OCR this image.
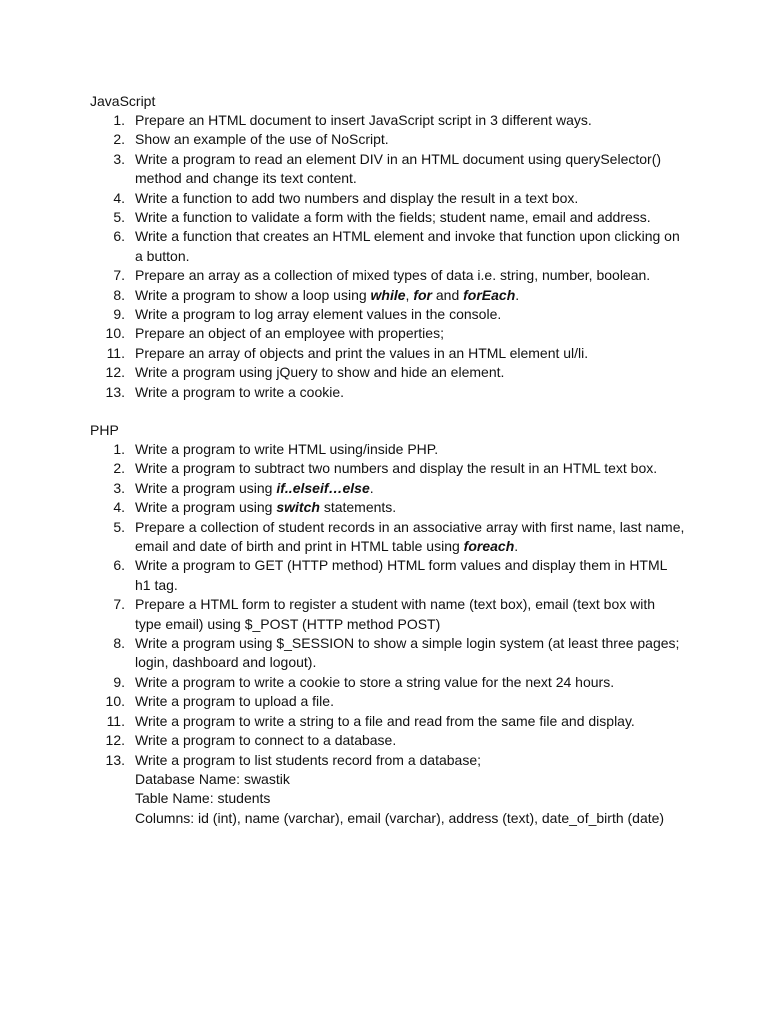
JavaScript
1. Prepare an HTML document to insert JavaScript script in 3 different ways.
2. Show an example of the use of NoScript.
3. Write a program to read an element DIV in an HTML document using querySelector()
method and change its text content.
4. Write a function to add two numbers and display the result in a text box.
5. Write a function to validate a form with the fields; student name, email and address.
6. Write a function that creates an HTML element and invoke that function upon clicking on
a button.
7. Prepare an array as a collection of mixed types of data i.e. string, number, boolean.
8. Write a program to show a loop using while, for and forEach.
9. Write a program to log array element values in the console.
10. Prepare an object of an employee with properties;
11. Prepare an array of objects and print the values in an HTML element ul/li.
12. Write a program using jQuery to show and hide an element.
13. Write a program to write a cookie.
PHP
1. Write a program to write HTML using/inside PHP.
2. Write a program to subtract two numbers and display the result in an HTML text box.
3. Write a program using if..elseif…else.
4. Write a program using switch statements.
5. Prepare a collection of student records in an associative array with first name, last name,
email and date of birth and print in HTML table using foreach.
6. Write a program to GET (HTTP method) HTML form values and display them in HTML
h1 tag.
7. Prepare a HTML form to register a student with name (text box), email (text box with
type email) using $_POST (HTTP method POST)
8. Write a program using $_SESSION to show a simple login system (at least three pages;
login, dashboard and logout).
9. Write a program to write a cookie to store a string value for the next 24 hours.
10. Write a program to upload a file.
11. Write a program to write a string to a file and read from the same file and display.
12. Write a program to connect to a database.
13. Write a program to list students record from a database;
Database Name: swastik
Table Name: students
Columns: id (int), name (varchar), email (varchar), address (text), date_of_birth (date)
